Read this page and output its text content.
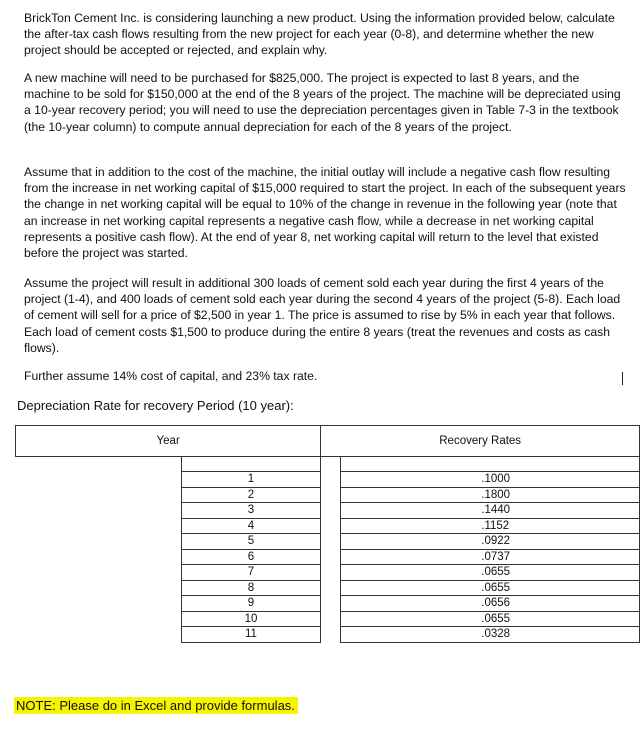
BrickTon Cement Inc. is considering launching a new product. Using the information provided below, calculate the after-tax cash flows resulting from the new project for each year (0-8), and determine whether the new project should be accepted or rejected, and explain why.

A new machine will need to be purchased for $825,000. The project is expected to last 8 years, and the machine to be sold for $150,000 at the end of the 8 years of the project. The machine will be depreciated using a 10-year recovery period; you will need to use the depreciation percentages given in Table 7-3 in the textbook (the 10-year column) to compute annual depreciation for each of the 8 years of the project.

Assume that in addition to the cost of the machine, the initial outlay will include a negative cash flow resulting from the increase in net working capital of $15,000 required to start the project. In each of the subsequent years the change in net working capital will be equal to 10% of the change in revenue in the following year (note that an increase in net working capital represents a negative cash flow, while a decrease in net working capital represents a positive cash flow). At the end of year 8, net working capital will return to the level that existed before the project was started.

Assume the project will result in additional 300 loads of cement sold each year during the first 4 years of the project (1-4), and 400 loads of cement sold each year during the second 4 years of the project (5-8). Each load of cement will sell for a price of $2,500 in year 1. The price is assumed to rise by 5% in each year that follows. Each load of cement costs $1,500 to produce during the entire 8 years (treat the revenues and costs as cash flows).

Further assume 14% cost of capital, and 23% tax rate.

Depreciation Rate for recovery Period (10 year):

Year			Recovery Rates	

		1		.1000
		2		.1800
		3		.1440
		4		.1152
		5		.0922
		6		.0737
		7		.0655
		8		.0655
		9		.0656
		10		.0655
		11		.0328

NOTE: Please do in Excel and provide formulas.
